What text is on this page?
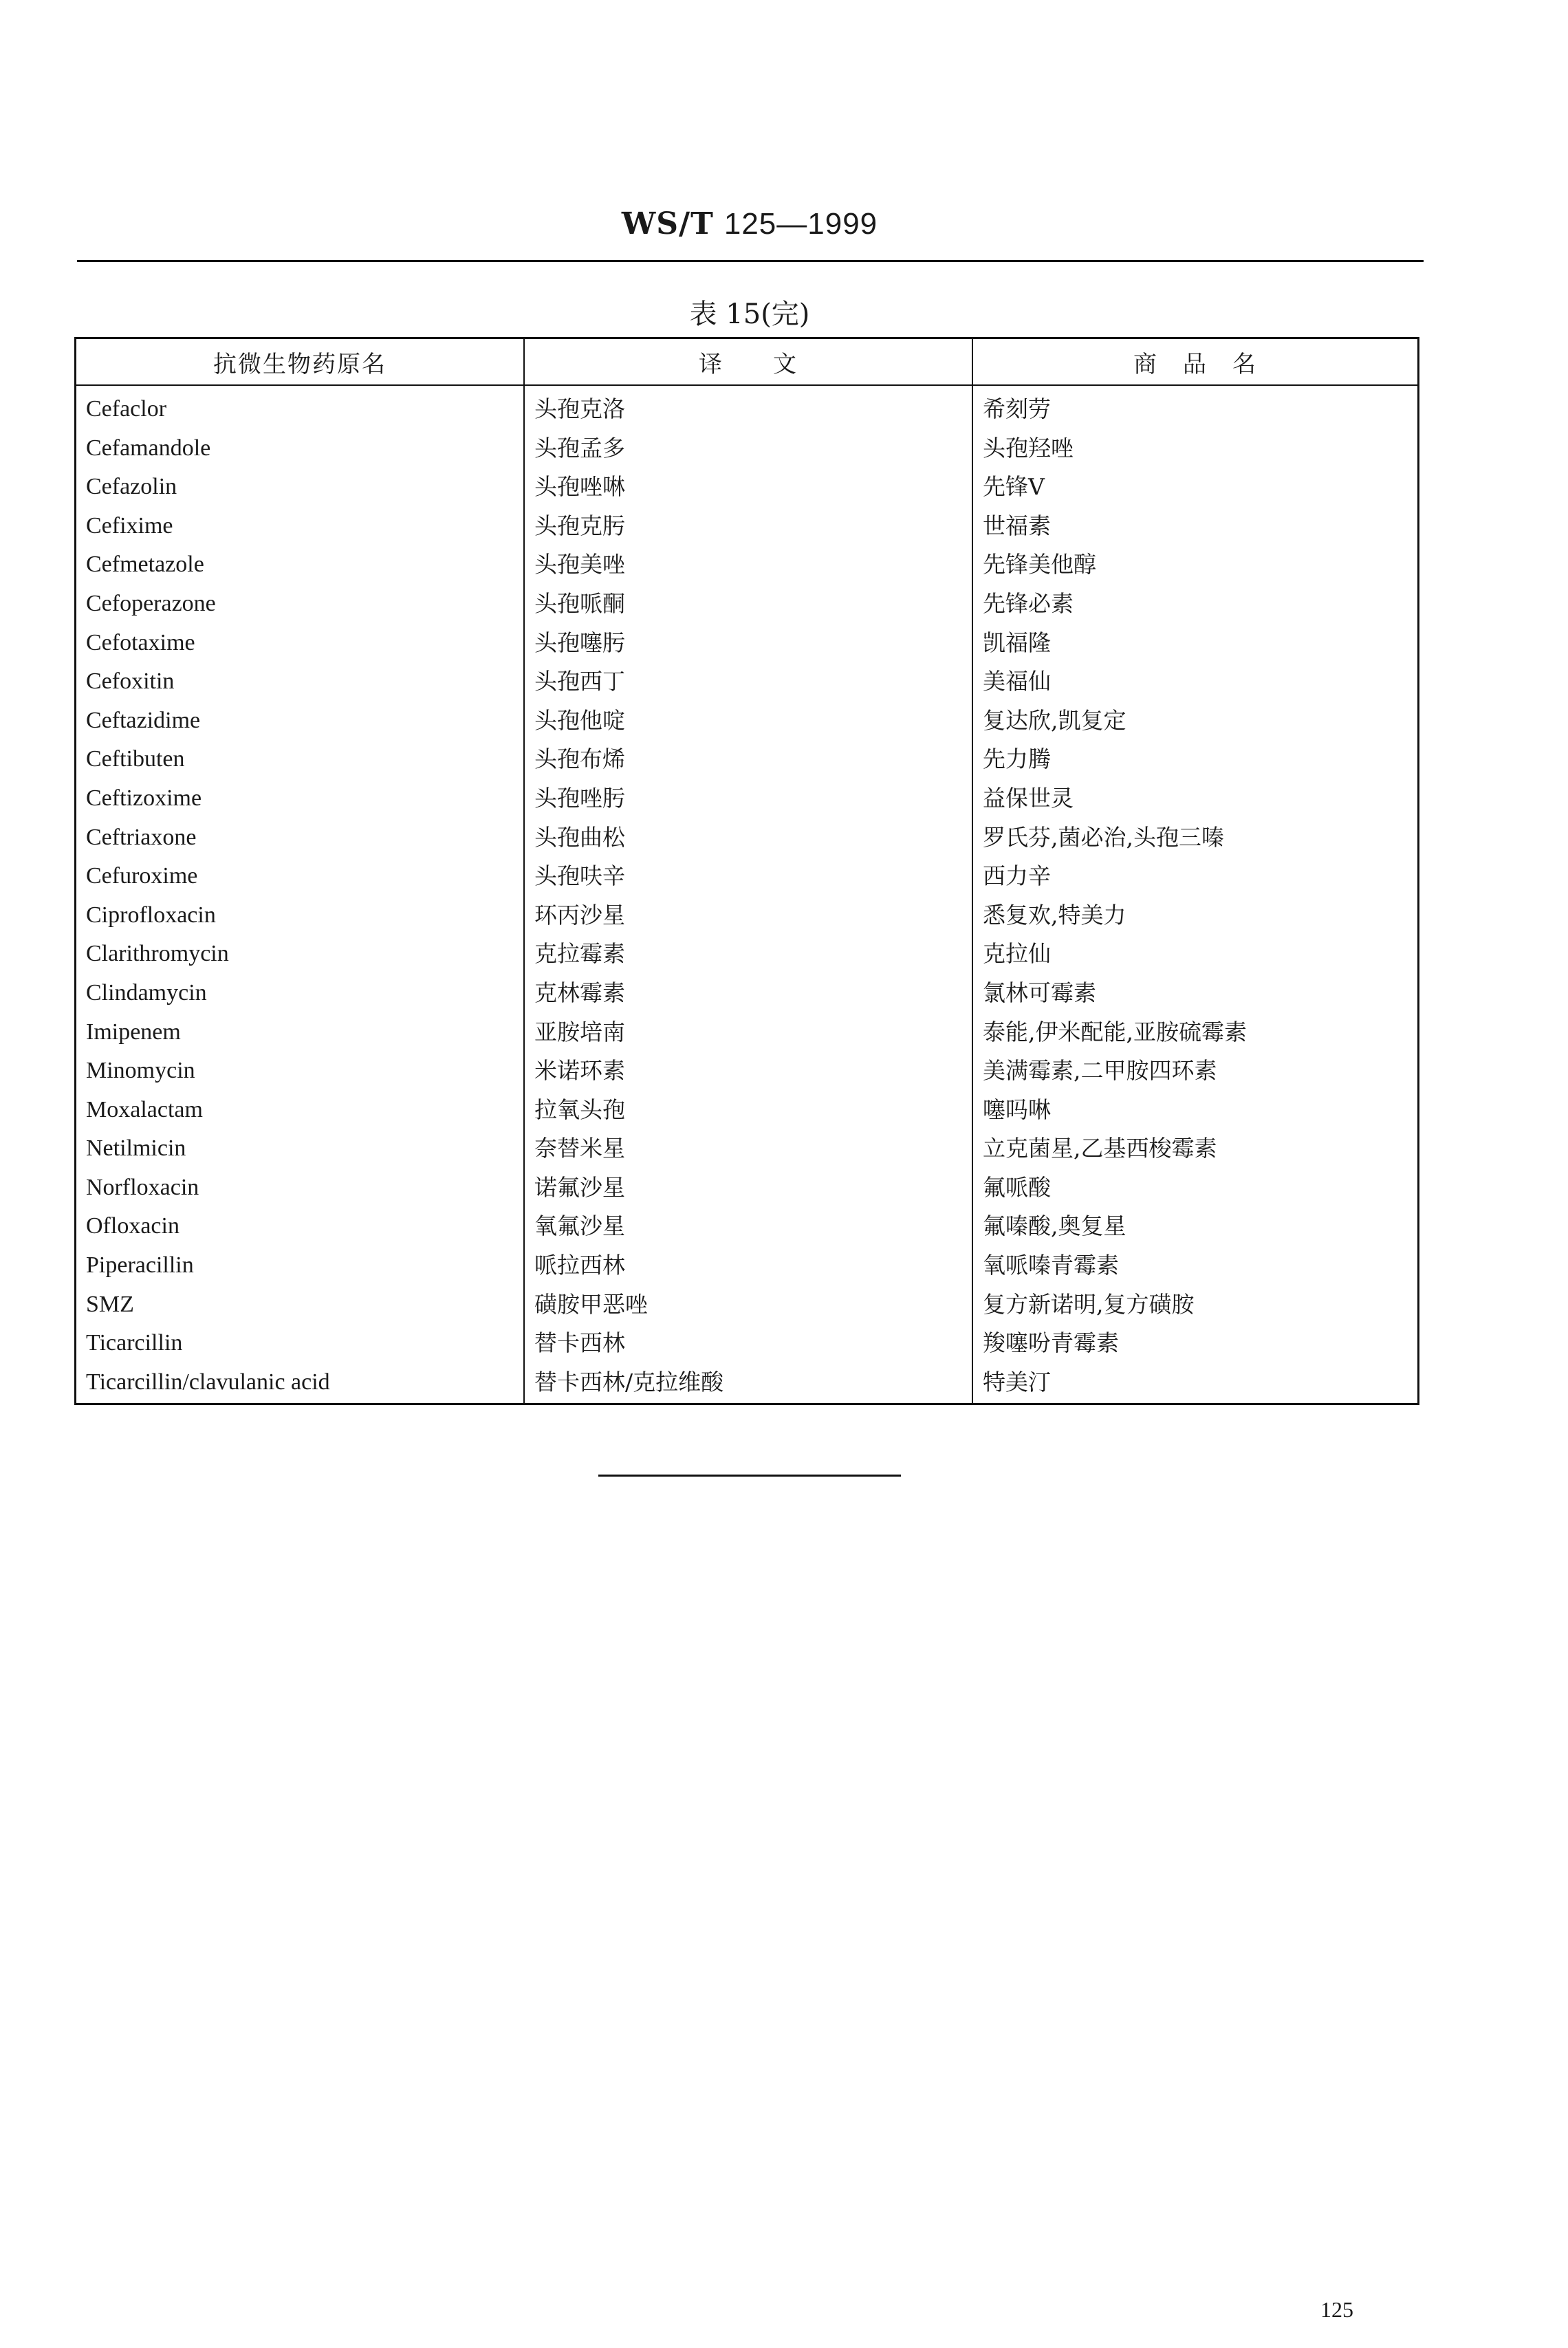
WS/T 125—1999
表 15(完)
抗微生物药原名	译　　文	商　品　名
Cefaclor
Cefamandole
Cefazolin
Cefixime
Cefmetazole
Cefoperazone
Cefotaxime
Cefoxitin
Ceftazidime
Ceftibuten
Ceftizoxime
Ceftriaxone
Cefuroxime
Ciprofloxacin
Clarithromycin
Clindamycin
Imipenem
Minomycin
Moxalactam
Netilmicin
Norfloxacin
Ofloxacin
Piperacillin
SMZ
Ticarcillin
Ticarcillin/clavulanic acid
头孢克洛
头孢孟多
头孢唑啉
头孢克肟
头孢美唑
头孢哌酮
头孢噻肟
头孢西丁
头孢他啶
头孢布烯
头孢唑肟
头孢曲松
头孢呋辛
环丙沙星
克拉霉素
克林霉素
亚胺培南
米诺环素
拉氧头孢
奈替米星
诺氟沙星
氧氟沙星
哌拉西林
磺胺甲恶唑
替卡西林
替卡西林/克拉维酸
希刻劳
头孢羟唑
先锋Ⅴ
世福素
先锋美他醇
先锋必素
凯福隆
美福仙
复达欣,凯复定
先力腾
益保世灵
罗氏芬,菌必治,头孢三嗪
西力辛
悉复欢,特美力
克拉仙
氯林可霉素
泰能,伊米配能,亚胺硫霉素
美满霉素,二甲胺四环素
噻吗啉
立克菌星,乙基西梭霉素
氟哌酸
氟嗪酸,奥复星
氧哌嗪青霉素
复方新诺明,复方磺胺
羧噻吩青霉素
特美汀
125
